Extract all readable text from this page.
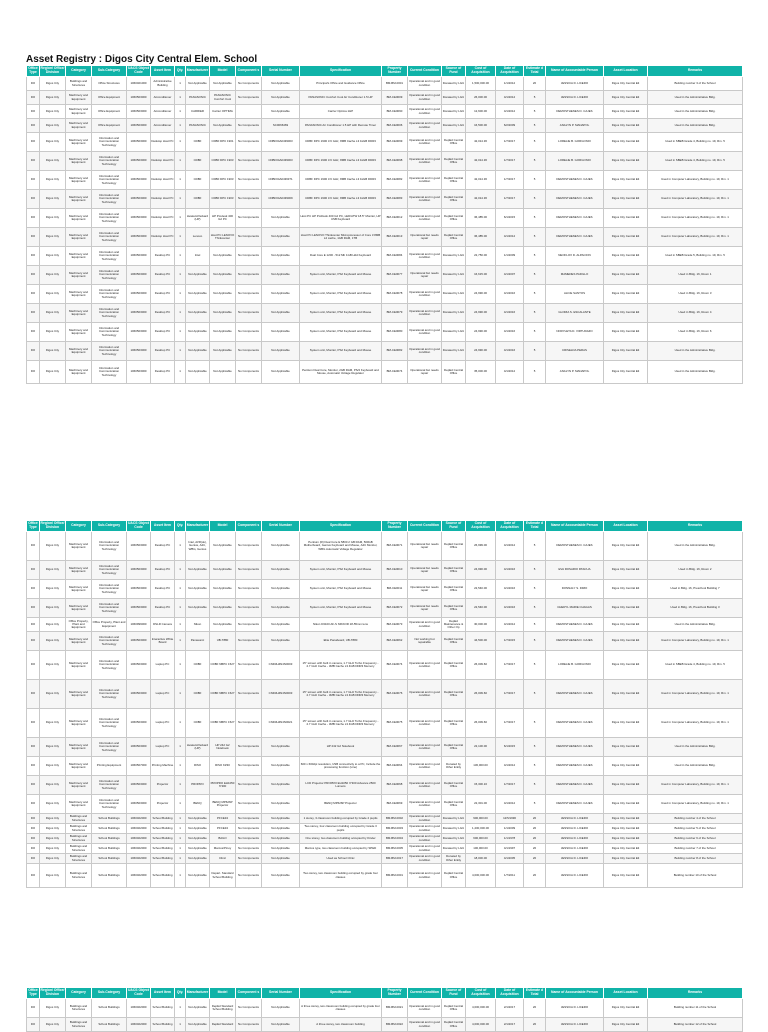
Asset Registry : Digos City Central Elem. School
Office Type	Region/ Office/ Division	Category	Sub-Category	UACS Object Code	Asset Item	Qty.	Manufacturer	Model	Component s	Serial Number	Specification	Property Number	Current Condition	Source of Fund	Cost of Acquisition	Date of Acquisition	Estimate d Total	Name of Accountable Person	Asset Location	Remarks
DO	Digos City	Buildings and Structures	Office Structures	1060401000	Administrative Building	1	Not Applicable	Not Applicable	No Components	Not Applicable	Principal's Office and Guidance Office	BM-BM-0001	Operational and in good condition	Donated by LGU	1,500,000.00	1/1/2012	20	JESSICA D. LICERO	Digos City Central Elt	Building number 3 of the School
DO	Digos City	Machinery and Equipment	Office Equipment	1060503000	Airconditioner	1	PANASONIC	PANASONIC Comfort Cool	No Components	Not Applicable	PANASONIC Comfort Cool Air Conditioner 1.5 HP	BM-CE0009	Operational and in good condition	Donated by LGU	26,000.00	4/1/2012	5	JESSICA D. LICERO	Digos City Central Elt	Used in the Administrative Bldg.
DO	Digos City	Machinery and Equipment	Office Equipment	1060503000	Airconditioner	1	CARRIER	Carrier OPTIMA		Not Applicable	Carrier Optima 1HP	BM-CE0090	Operational and in good condition	Donated by LGU	12,600.00	4/1/2012	5	DEMOSTHENES D. CAJES	Digos City Central Elt	Used in the Administrative Bldg.
DO	Digos City	Machinery and Equipment	Office Equipment	1060503000	Airconditioner	1	PANASONIC	Not Applicable	No Components	SC0066469	PANASONIC Air Conditioner 1.5 HP with Remote Timer	BM-CE0006	Operational and in good condition	Donated by LGU	16,500.00	6/2/2009	5	ANALYN P. MANAPOL	Digos City Central Elt	Used in the Administrative Bldg.
DO	Digos City	Machinery and Equipment	Information and Communication Technology	1060503000	Desktop Host PC	1	CDBF	CDBF DPC 1901	No Components	CDBF04A0439003	CDBF DPC 1900 3.6 GHz, 8MB Cache L3 1kGB DDR3	BM-CE0099	Operational and in good condition	DepEd Central Office	42,014.36	1/7/2017	5	LORELIE B. GORGONIO	Digos City Central Elt	Used in SBEB Grade 4, Building no. 19, Rm. 5
DO	Digos City	Machinery and Equipment	Information and Communication Technology	1060503000	Desktop Host PC	1	CDBF	CDBF DPC 1903	No Components	CDBF04A0439003	CDBF DPC 1900 3.6 GHz, 8MB Cache L3 1kGB DDR3	BM-CE0098	Operational and in good condition	DepEd Central Office	42,014.36	1/7/2017	5	LORELIE B. GORGONIO	Digos City Central Elt	Used in SBEB Grade 4, Building no. 19, Rm. 5
DO	Digos City	Machinery and Equipment	Information and Communication Technology	1060503000	Desktop Host PC	1	CDBF	CDBF DPC 1903	No Components	CDBF04A0436371	CDBF DPC 1900 3.6 GHz, 8MB Cache L3 1kGB DDR3	BM-CE0082	Operational and in good condition	DepEd Central Office	42,014.36	1/7/2017	5	DEMOSTHENES D. CAJES	Digos City Central Elt	Used in Computer Laboratory, Building no. 19, Rm. 1
DO	Digos City	Machinery and Equipment	Information and Communication Technology	1060503000	Desktop Host PC	1	CDBF	CDBF DPC 1903	No Components	CDBF04A0439009	CDBF DPC 1900 3.6 GHz, 8MB Cache L3 1kGB DDR3	BM-CE0083	Operational and in good condition	DepEd Central Office	42,014.36	1/7/2017	5	DEMOSTHENES D. CAJES	Digos City Central Elt	Used in Computer Laboratory, Building no. 19, Rm. 1
DO	Digos City	Machinery and Equipment	Information and Communication Technology	1060503000	Desktop Host PC	1	Hewlett-Packard (HP)	HP Prodesk 400 G2 PC	No Components	Not Applicable	Host PC HP ProDesk 400 G2 PC, LED/ATW 18.5" Monitor, HP USB Keyboard	BM-CE0012	Operational and in good condition	DepEd Central Office	36,485.00	6/1/2015	5	DEMOSTHENES D. CAJES	Digos City Central Elt	Used in Computer Laboratory, Building no. 19, Rm. 1
DO	Digos City	Machinery and Equipment	Information and Communication Technology	1060503000	Desktop Host PC	1	Lenovo	Host PC LENOVO Thinkcenter	No Components	Not Applicable	Host PC LENOVO Thinkcenter Microprocessor of Core 3 8MB L2 cache, 1GB RAM, 1TB	BM-CE0013	Operational but needs repair	DepEd Central Office	36,485.00	4/1/2012	5	DEMOSTHENES D. CAJES	Digos City Central Elt	Used in Computer Laboratory, Building no. 19, Rm. 1
DO	Digos City	Machinery and Equipment	Information and Communication Technology	1060503000	Desktop PC	1	Intel	Not Applicable	No Components	Not Applicable	Dual Core E 1200 - 512 Mb 1GB Hdd Keyboard	BM-CE0084	Operational and in good condition	Donated by LGU	22,750.00	1/1/2009	5	NEOFLOX D. ALPACION	Digos City Central Elt	Used in SBEB Grade 5, Building no. 19, Rm. 5
DO	Digos City	Machinery and Equipment	Information and Communication Technology	1060503000	Desktop PC	1	Not Applicable	Not Applicable	No Components	Not Applicable	System unit, Monitor, PS2 Keyboard and Mouse	BM-CE0077	Operational but needs repair	Donated by LGU	16,615.00	4/1/2007	5	MAMEDES PADILLO	Digos City Central Elt	Used in Bldg. 16, Room 1
DO	Digos City	Machinery and Equipment	Information and Communication Technology	1060503000	Desktop PC	1	Not Applicable	Not Applicable	No Components	Not Applicable	System unit, Monitor, PS2 Keyboard and Mouse	BM-CE0078	Operational and in good condition	Donated by LGU	24,990.00	4/1/2016	5	ALICE SANTOS	Digos City Central Elt	Used in Bldg. 16, Room 3
DO	Digos City	Machinery and Equipment	Information and Communication Technology	1060503000	Desktop PC	1	Not Applicable	Not Applicable	No Components	Not Applicable	System unit, Monitor, PS2 Keyboard and Mouse	BM-CE0079	Operational and in good condition	Donated by LGU	24,990.00	4/1/2016	5	GLORIA S. ESCALANTE	Digos City Central Elt	Used in Bldg. 16, Room 4
DO	Digos City	Machinery and Equipment	Information and Communication Technology	1060503000	Desktop PC	1	Not Applicable	Not Applicable	No Components	Not Applicable	System unit, Monitor, PS2 Keyboard and Mouse	BM-CE0080	Operational and in good condition	Donated by LGU	24,990.00	4/1/2016	5	NORYLETA D. VIRTUDAZO	Digos City Central Elt	Used in Bldg. 16, Room 6
DO	Digos City	Machinery and Equipment	Information and Communication Technology	1060503000	Desktop PC	1	Not Applicable	Not Applicable	No Components	Not Applicable	System unit, Monitor, PS2 Keyboard and Mouse	BM-CE0082	Operational and in good condition	Donated by LGU	24,990.00	4/1/2016	5	CRISELDA PERAS	Digos City Central Elt	Used in the Administrative Bldg.
DO	Digos City	Machinery and Equipment	Information and Communication Technology	1060503000	Desktop PC	1	Not Applicable	Not Applicable	No Components	Not Applicable	Pentium Dual Core, Monitor, 2GB RAM, PS/2 Keyboard and Mouse, Automatic Voltage Regulator	BM-CE0074	Operational but needs repair	DepEd Central Office	35,000.00	4/1/2012	5	ANALYN P. MANAPOL	Digos City Central Elt	Used in the Administrative Bldg.
Office Type	Region/ Office/ Division	Category	Sub-Category	UACS Object Code	Asset Item	Qty.	Manufacturer	Model	Component s	Serial Number	Specification	Property Number	Current Condition	Source of Fund	Cost of Acquisition	Date of Acquisition	Estimate d Total	Name of Accountable Person	Asset Location	Remarks
DO	Digos City	Machinery and Equipment	Information and Communication Technology	1060503000	Desktop PC	1	Intel, AVR(ok), Genius, A4C, WBG, Genius	Not Applicable	No Components	Not Applicable	Pentium (R) Dual Core E 5800 2 GB RAM, 500GB Motherboard, Genius Keyboard and Mouse, A4C Monitor, WBG Automatic Voltage Regulator	BM-CE0071	Operational but needs repair	DepEd Central Office	26,999.00	4/1/2012	5	DEMOSTHENES D. CAJES	Digos City Central Elt	Used in the Administrative Bldg.
DO	Digos City	Machinery and Equipment	Information and Communication Technology	1060503000	Desktop PC	1	Not Applicable	Not Applicable	No Components	Not Applicable	System unit, Monitor, PS2 Keyboard and Mouse	BM-CE0010	Operational but needs repair	DepEd Central Office	24,990.00	4/1/2016	5	EVA ROSARIO PASCUA	Digos City Central Elt	Used in Bldg. 16, Room 2
DO	Digos City	Machinery and Equipment	Information and Communication Technology	1060503000	Desktop PC	1	Not Applicable	Not Applicable	No Components	Not Applicable	System unit, Monitor, PS2 Keyboard and Mouse	BM-CE0011	Operational but needs repair	DepEd Central Office	22,540.00	4/1/2016	5	DONNALY S. DIMO	Digos City Central Elt	Used in Bldg. 16, Preschool Building 7
DO	Digos City	Machinery and Equipment	Information and Communication Technology	1060503000	Desktop PC	1	Not Applicable	Not Applicable	No Components	Not Applicable	System unit, Monitor, PS2 Keyboard and Mouse	BM-CE0072	Operational but needs repair	DepEd Central Office	22,540.00	4/1/2016	5	CHERYL MARIE CHAGAS	Digos City Central Elt	Used in Bldg. 16, Preschool Building 3
DO	Digos City	Office Property, Plant and Equipment	Office Property, Plant and Equipment	1060999000	DSLR Camera	1	Nikon	Not Applicable	No Components	Not Applicable	Nikon D3100 AF-S NIKKOR 18-55mm lens	BM-CE0073	Operational and in good condition	DepEd Maintenance & Other Op	30,000.00	4/1/2012	5	DEMOSTHENES D. CAJES	Digos City Central Elt	Used in the Administrative Bldg.
DO	Digos City	Machinery and Equipment	Information and Communication Technology	1060503000	Interactive White Board	1	Panasonic	UB-T880	No Components	Not Applicable	Elite Panaboard, UB-T880	BM-CE0062	Not working but repairable	DepEd Central Office	44,500.00	1/7/2015	5	DEMOSTHENES D. CAJES	Digos City Central Elt	Used in Computer Laboratory, Building no. 19, Rm. 1
DO	Digos City	Machinery and Equipment	Information and Communication Technology	1060503000	Laptop PC	1	CDBF	CDBF NBPC 1527	No Components	CND3H4N4N0003	15" screen with built in camera, 1.7 GHz Turbo Frequency - 2.7 GHz Cache - 3MB Cache L3 4GB DDR3 Memory	BM-CE0074	Operational and in good condition	DepEd Central Office	26,009.60	1/7/2017	5	LORELIE B. GORGONIO	Digos City Central Elt	Used in SBEB Grade 4, Building no. 19, Rm. 5
DO	Digos City	Machinery and Equipment	Information and Communication Technology	1060503000	Laptop PC	1	CDBF	CDBF NBPC 1527	No Components	CND3H4N4N0003	15" screen with built in camera, 1.7 GHz Turbo Frequency - 2.7 GHz Cache - 3MB Cache L3 4GB DDR3 Memory	BM-CE0076	Operational and in good condition	DepEd Central Office	26,009.60	1/7/2017	5	DEMOSTHENES D. CAJES	Digos City Central Elt	Used in Computer Laboratory, Building no. 19, Rm. 1
DO	Digos City	Machinery and Equipment	Information and Communication Technology	1060503000	Laptop PC	1	CDBF	CDBF NBPC 1527	No Components	CND3H4N4N0021	15" screen with built in camera, 1.7 GHz Turbo Frequency - 2.7 GHz Cache - 3MB Cache L3 4GB DDR3 Memory	BM-CE0075	Operational and in good condition	DepEd Central Office	26,009.60	1/7/2017	5	DEMOSTHENES D. CAJES	Digos City Central Elt	Used in Computer Laboratory, Building no. 19, Rm. 1
DO	Digos City	Machinery and Equipment	Information and Communication Technology	1060503000	Laptop PC	1	Hewlett-Packard (HP)	HP 242 G2 Notebook	No Components	Not Applicable	HP 242 G2 Notebook	BM-CE0067	Operational and in good condition	DepEd Central Office	22,100.00	6/1/2015	5	DEMOSTHENES D. CAJES	Digos City Central Elt	Used in the Administrative Bldg.
DO	Digos City	Machinery and Equipment	Printing Equipment	1060507000	Printing Machine	1	RISO	RISO KZ30	No Components	Not Applicable	600 x 600dpi resolution, USB connectivity to a PC, Include the processing function (Line)	BM-CE0064	Operational and in good condition	Donated by Other Entity	130,000.00	4/1/2012	5	DEMOSTHENES D. CAJES	Digos City Central Elt	Used in the Administrative Bldg.
DO	Digos City	Machinery and Equipment	Information and Communication Technology	1060503000	Projector	1	PROPRO	PROPRO EH1050 IY300	No Components	Not Applicable	LCD Projector PROPRO EH1050 IY300 Advance 2500 Lumens	BM-CE0068	Operational and in good condition	DepEd Central Office	15,300.16	1/7/2017	5	DEMOSTHENES D. CAJES	Digos City Central Elt	Used in Computer Laboratory, Building no. 19, Rm. 1
DO	Digos City	Machinery and Equipment	Information and Communication Technology	1060503000	Projector	1	BENQ	BENQ MP626P Projector	No Components	Not Applicable	BENQ MP626P Projector	BM-CE0069	Operational and in good condition	DepEd Central Office	22,301.00	4/1/2012	5	DEMOSTHENES D. CAJES	Digos City Central Elt	Used in Computer Laboratory, Building no. 19, Rm. 1
DO	Digos City	Buildings and Structures	School Buildings	1060402000	School Building	1	Not Applicable	PFCE34	No Components	Not Applicable	1 storey, 3 classroom building occupied by Grade 2 pupils	BM-BM-0002	Operational and in good condition	Donated by LGU	900,000.00	12/5/1996	20	JESSICA D. LICERO	Digos City Central Elt	Building number 4 of the School
DO	Digos City	Buildings and Structures	School Buildings	1060402000	School Building	1	Not Applicable	PFCE34	No Components	Not Applicable	Two storey, four classroom building occupied by Grade 3 pupils	BM-BM-0003	Operational and in good condition	Donated by LGU	1,200,000.00	1/1/2009	20	JESSICA D. LICERO	Digos City Central Elt	Building number 5 of the School
DO	Digos City	Buildings and Structures	School Buildings	1060402000	School Building	1	Not Applicable	BAGO	No Components	Not Applicable	One storey, two classroom building occupied by Kinder	BM-BM-0004	Operational and in good condition	Donated by LGU	600,000.00	1/1/1978	20	JESSICA D. LICERO	Digos City Central Elt	Building number 6 of the School
DO	Digos City	Buildings and Structures	School Buildings	1060402000	School Building	1	Not Applicable	Marcos/Pinoy	No Components	Not Applicable	Marcos type, two classroom building occupied by SPED	BM-BM-0005	Operational and in good condition	Donated by LGU	100,000.00	4/1/1997	20	JESSICA D. LICERO	Digos City Central Elt	Building number 7 of the School
DO	Digos City	Buildings and Structures	School Buildings	1060402000	School Building	1	Not Applicable	Clinic	No Components	Not Applicable	Used as School Clinic	BM-BM-0017	Operational and in good condition	Donated by Other Entity	18,000.00	4/1/2005	20	JESSICA D. LICERO	Digos City Central Elt	Building number 8 of the School
DO	Digos City	Buildings and Structures	School Buildings	1060402000	School Building	1	Not Applicable	Depart. Standard School Building	No Components	Not Applicable	Two storey, two classroom building occupied by grade four classes	BM-BM-0001	Operational and in good condition	DepEd Central Office	4,000,000.00	1/7/2011	20	JESSICA D. LICERO	Digos City Central Elt	Building number 10 of the School
Office Type	Region/ Office/ Division	Category	Sub-Category	UACS Object Code	Asset Item	Qty.	Manufacturer	Model	Component s	Serial Number	Specification	Property Number	Current Condition	Source of Fund	Cost of Acquisition	Date of Acquisition	Estimate d Total	Name of Accountable Person	Asset Location	Remarks
DO	Digos City	Buildings and Structures	School Buildings	1060402000	School Building	1	Not Applicable	DepEd Standard School Building	No Components	Not Applicable	A three storey, two classroom building occupied by grade four classes	BM-BM-0021	Operational and in good condition	DepEd Central Office	4,000,000.00	2/1/2017	20	JESSICA D. LICERO	Digos City Central Elt	Building number 11 of the School
DO	Digos City	Buildings and Structures	School Buildings	1060402000	School Building	1	Not Applicable	DepEd Standard	No Components	Not Applicable	A three storey, two classroom building	BM-BM-0022	Operational and in good condition	DepEd Central Office	4,000,000.00	2/1/2017	20	JESSICA D. LICERO	Digos City Central Elt	Building number 12 of the School
